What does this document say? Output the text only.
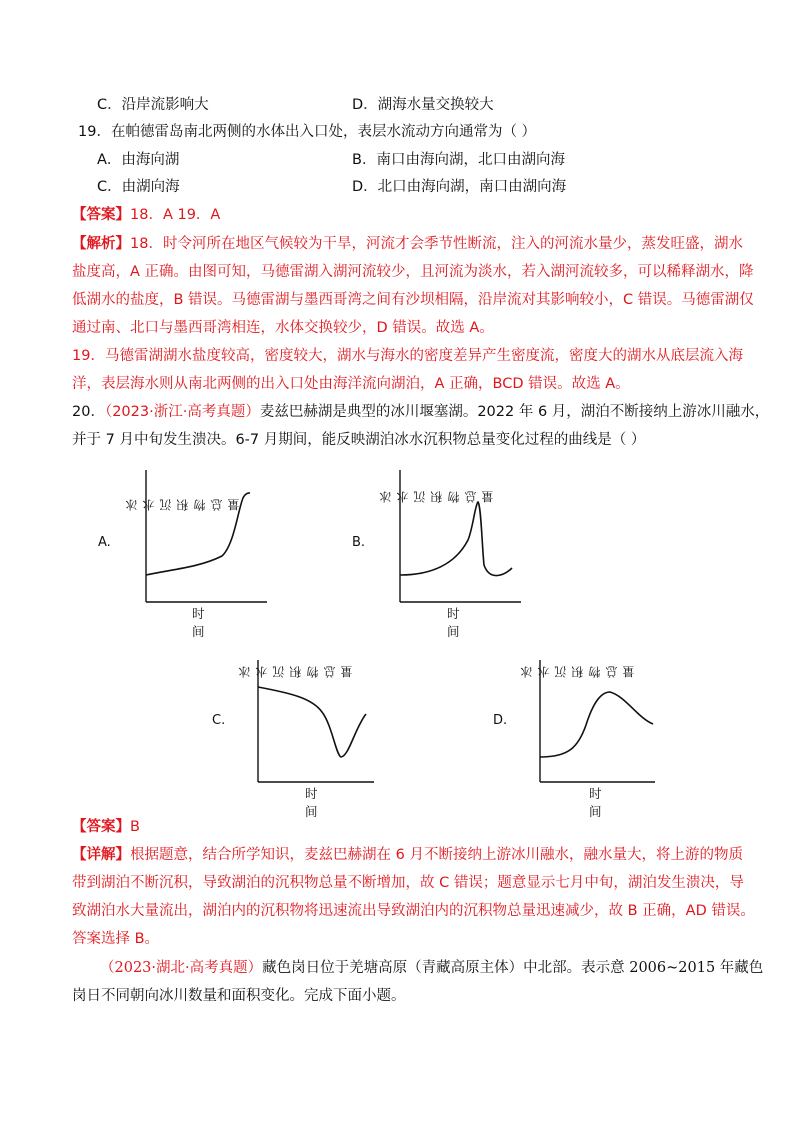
C．沿岸流影响大	D．湖海水量交换较大
19．在帕德雷岛南北两侧的水体出入口处，表层水流动方向通常为（ ）
A．由海向湖	B．南口由海向湖，北口由湖向海
C．由湖向海	D．北口由海向湖，南口由湖向海
【答案】18．A 19．A
【解析】18．时令河所在地区气候较为干旱，河流才会季节性断流，注入的河流水量少，蒸发旺盛，湖水
盐度高，A 正确。由图可知，马德雷湖入湖河流较少，且河流为淡水，若入湖河流较多，可以稀释湖水，降
低湖水的盐度，B 错误。马德雷湖与墨西哥湾之间有沙坝相隔，沿岸流对其影响较小，C 错误。马德雷湖仅
通过南、北口与墨西哥湾相连，水体交换较少，D 错误。故选 A。
19．马德雷湖湖水盐度较高，密度较大，湖水与海水的密度差异产生密度流，密度大的湖水从底层流入海
洋，表层海水则从南北两侧的出入口处由海洋流向湖泊，A 正确，BCD 错误。故选 A。
20．（2023·浙江·高考真题）麦兹巴赫湖是典型的冰川堰塞湖。2022 年 6 月，湖泊不断接纳上游冰川融水，
并于 7 月中旬发生溃决。6-7 月期间，能反映湖泊冰水沉积物总量变化过程的曲线是（ ）
A.
冰水沉积物总量
时间
B.
冰水沉积物总量
时间
C.
冰水沉积物总量
时间
D.
冰水沉积物总量
时间
【答案】B
【详解】根据题意，结合所学知识，麦兹巴赫湖在 6 月不断接纳上游冰川融水，融水量大，将上游的物质
带到湖泊不断沉积，导致湖泊的沉积物总量不断增加，故 C 错误；题意显示七月中旬，湖泊发生溃决，导
致湖泊水大量流出，湖泊内的沉积物将迅速流出导致湖泊内的沉积物总量迅速减少，故 B 正确，AD 错误。
答案选择 B。
（2023·湖北·高考真题）藏色岗日位于羌塘高原（青藏高原主体）中北部。表示意 2006~2015 年藏色
岗日不同朝向冰川数量和面积变化。完成下面小题。
